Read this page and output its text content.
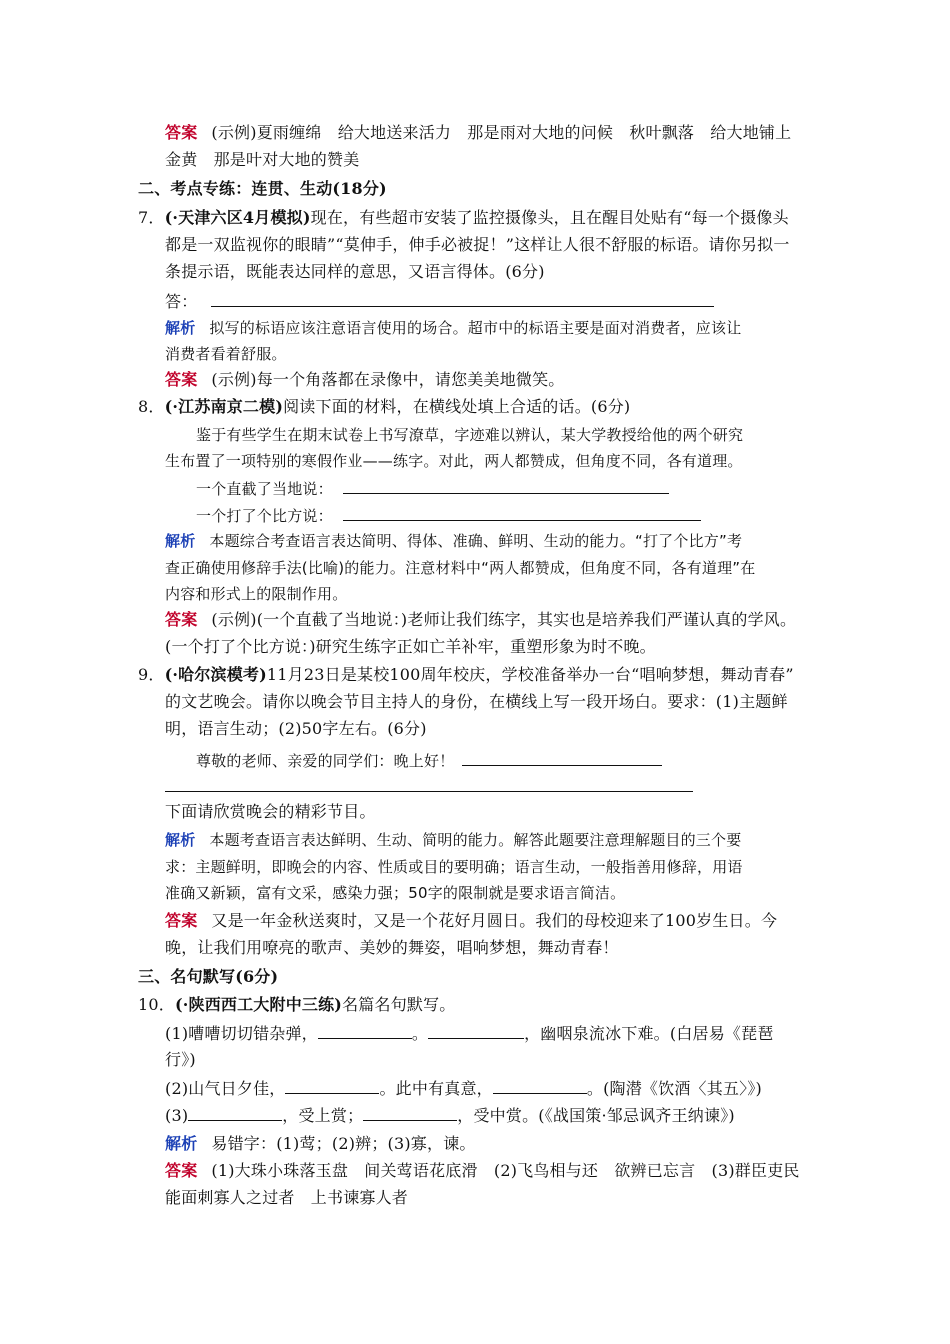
答案 (示例)夏雨缠绵　给大地送来活力　那是雨对大地的问候　秋叶飘落　给大地铺上
金黄　那是叶对大地的赞美
二、考点专练：连贯、生动(18分)
7．(·天津六区4月模拟)现在，有些超市安装了监控摄像头，且在醒目处贴有“每一个摄像头
都是一双监视你的眼睛”“莫伸手，伸手必被捉！”这样让人很不舒服的标语。请你另拟一
条提示语，既能表达同样的意思，又语言得体。(6分)
答：
解析 拟写的标语应该注意语言使用的场合。超市中的标语主要是面对消费者，应该让
消费者看着舒服。
答案 (示例)每一个角落都在录像中，请您美美地微笑。
8．(·江苏南京二模)阅读下面的材料，在横线处填上合适的话。(6分)
鉴于有些学生在期末试卷上书写潦草，字迹难以辨认，某大学教授给他的两个研究
生布置了一项特别的寒假作业——练字。对此，两人都赞成，但角度不同，各有道理。
一个直截了当地说：
一个打了个比方说：
解析 本题综合考查语言表达简明、得体、准确、鲜明、生动的能力。“打了个比方”考
查正确使用修辞手法(比喻)的能力。注意材料中“两人都赞成，但角度不同，各有道理”在
内容和形式上的限制作用。
答案 (示例)(一个直截了当地说：)老师让我们练字，其实也是培养我们严谨认真的学风。
(一个打了个比方说：)研究生练字正如亡羊补牢，重塑形象为时不晚。
9．(·哈尔滨模考)11月23日是某校100周年校庆，学校准备举办一台“唱响梦想，舞动青春”
的文艺晚会。请你以晚会节目主持人的身份，在横线上写一段开场白。要求：(1)主题鲜
明，语言生动；(2)50字左右。(6分)
尊敬的老师、亲爱的同学们：晚上好！
下面请欣赏晚会的精彩节目。
解析 本题考查语言表达鲜明、生动、简明的能力。解答此题要注意理解题目的三个要
求：主题鲜明，即晚会的内容、性质或目的要明确；语言生动，一般指善用修辞，用语
准确又新颖，富有文采，感染力强；50字的限制就是要求语言简洁。
答案 又是一年金秋送爽时，又是一个花好月圆日。我们的母校迎来了100岁生日。今
晚，让我们用嘹亮的歌声、美妙的舞姿，唱响梦想，舞动青春！
三、名句默写(6分)
10．(·陕西西工大附中三练)名篇名句默写。
(1)嘈嘈切切错杂弹，	。	，幽咽泉流冰下难。(白居易《琵琶
行》)
(2)山气日夕佳，	。此中有真意，	。(陶潜《饮酒〈其五〉》)
(3)	，受上赏；	，受中赏。(《战国策·邹忌讽齐王纳谏》)
解析 易错字：(1)莺；(2)辨；(3)寡，谏。
答案 (1)大珠小珠落玉盘　间关莺语花底滑　(2)飞鸟相与还　欲辨已忘言　(3)群臣吏民
能面刺寡人之过者　上书谏寡人者
